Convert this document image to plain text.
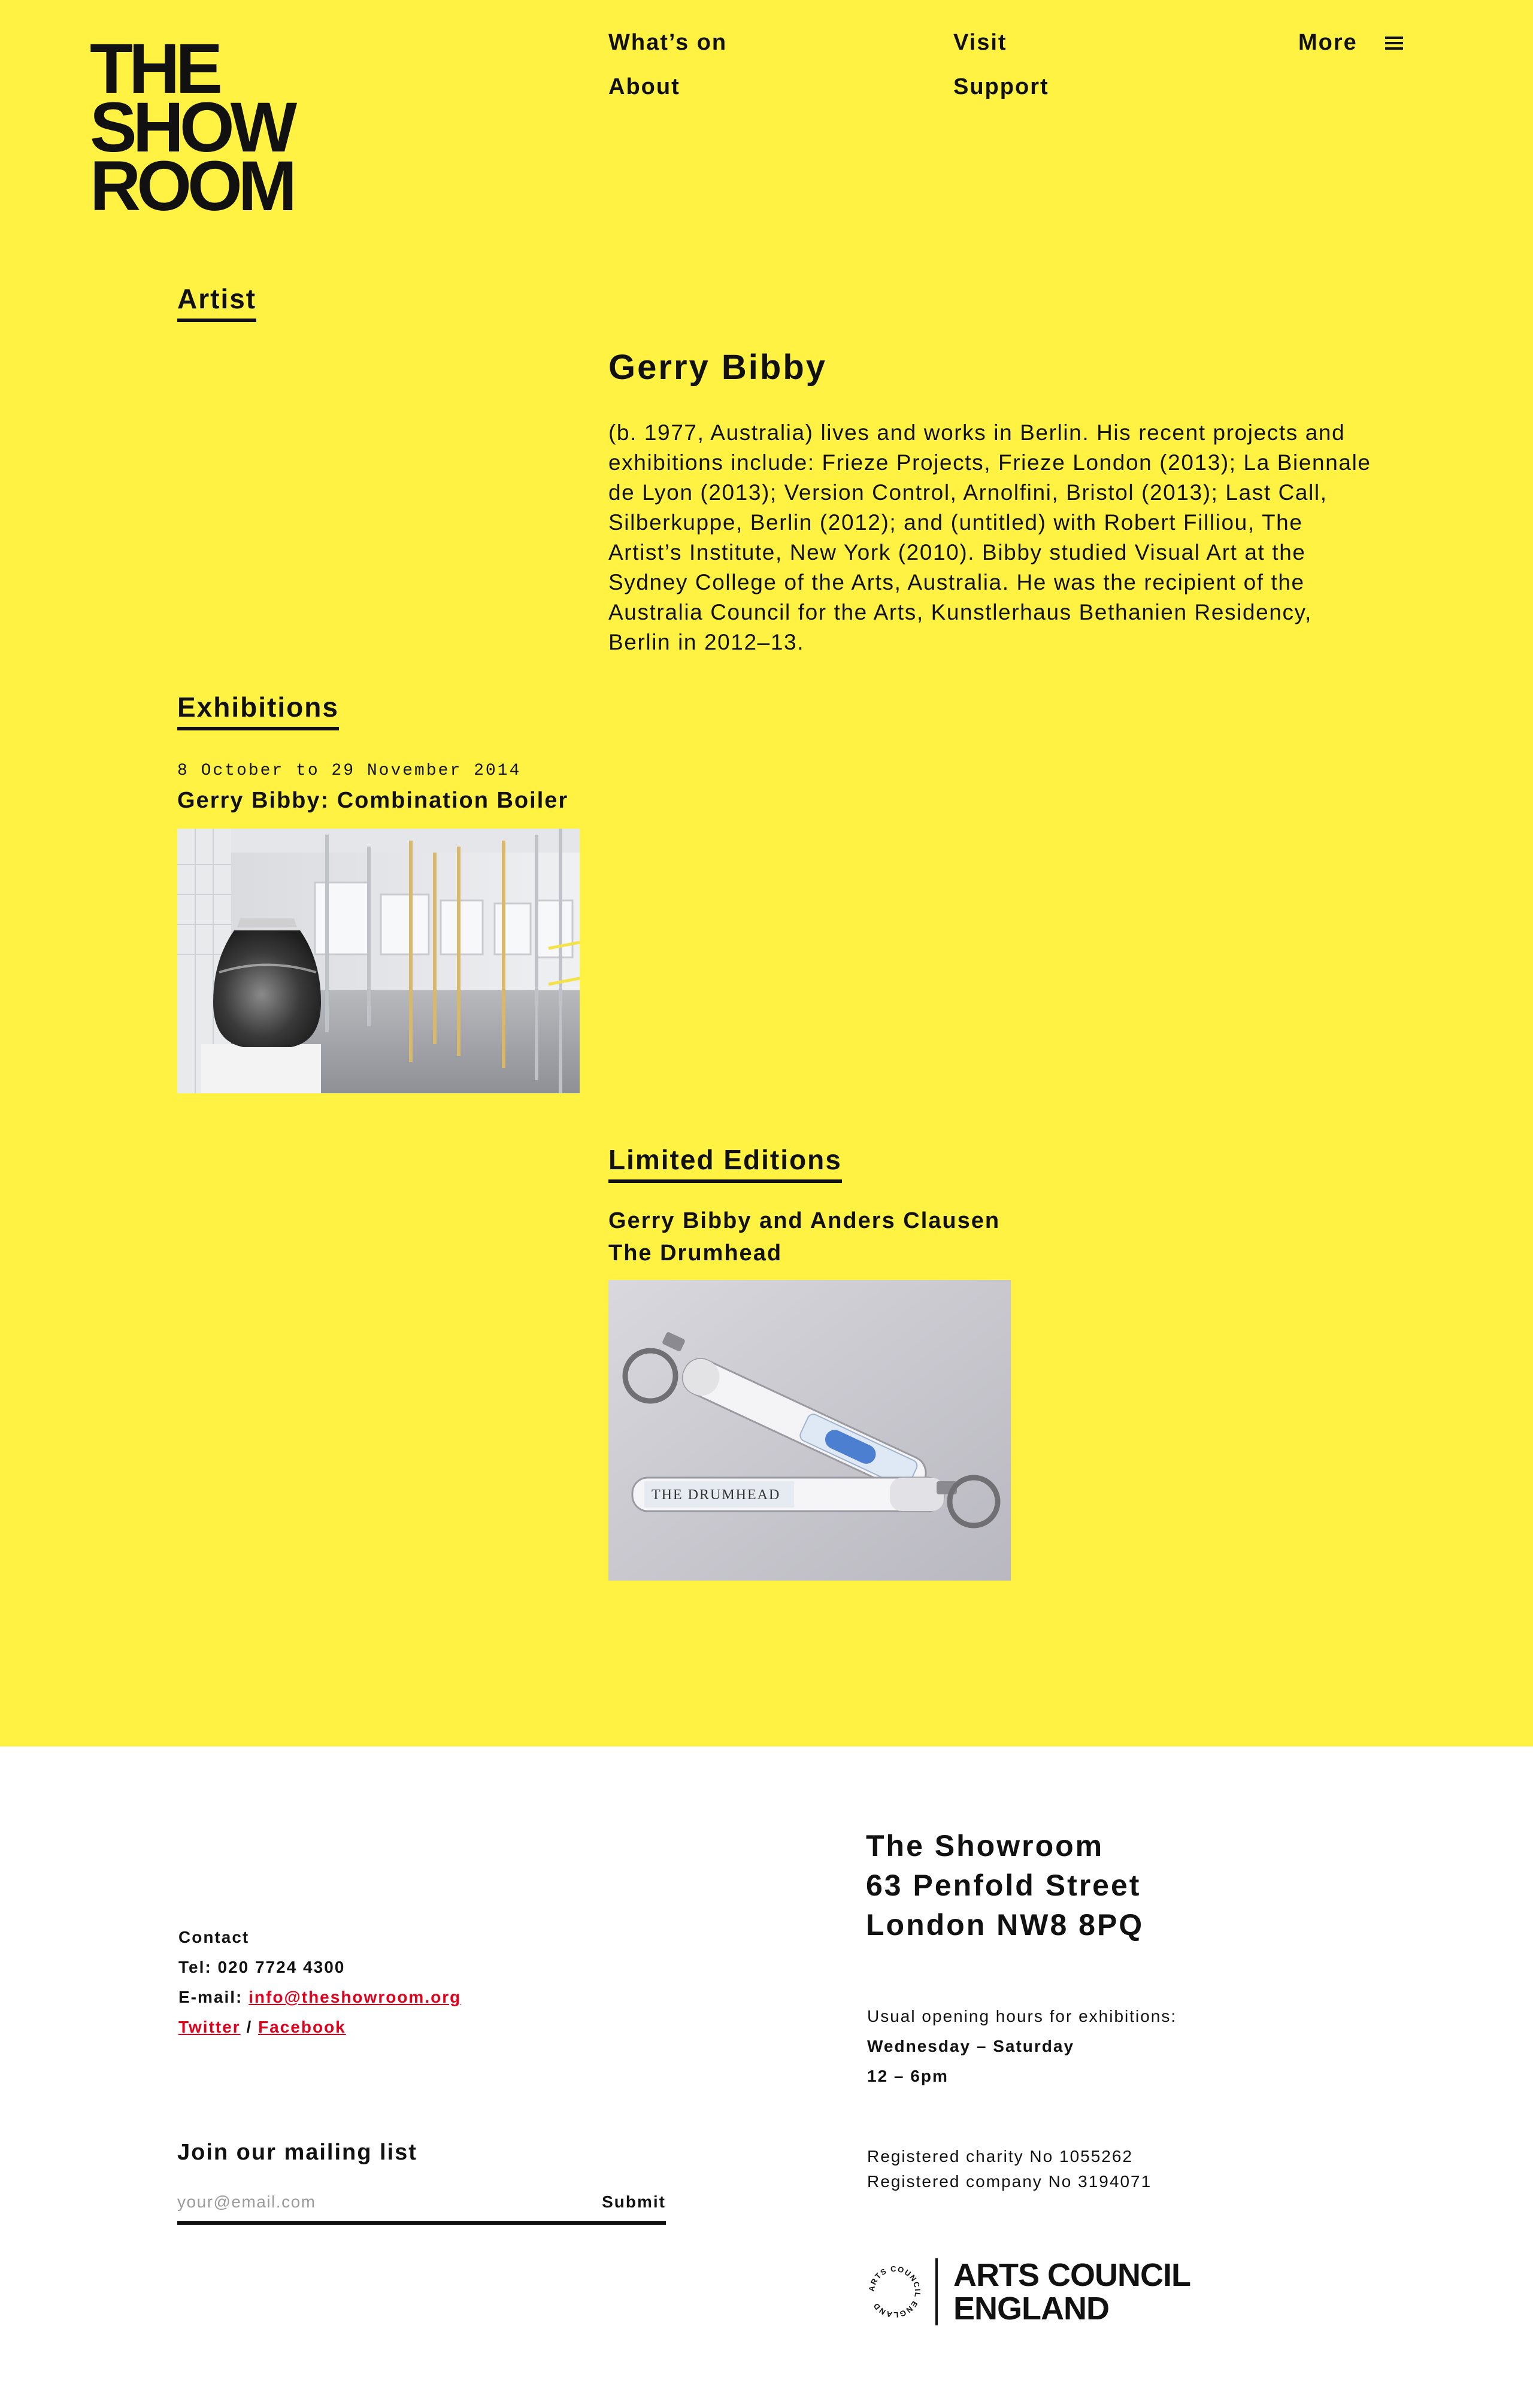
THE
SHOW
ROOM
What’s on
About
Visit
Support
More
Artist
Gerry Bibby

(b. 1977, Australia) lives and works in Berlin. His recent projects and exhibitions include: Frieze Projects, Frieze London (2013); La Biennale de Lyon (2013); Version Control, Arnolfini, Bristol (2013); Last Call, Silberkuppe, Berlin (2012); and (untitled) with Robert Filliou, The Artist’s Institute, New York (2010). Bibby studied Visual Art at the Sydney College of the Arts, Australia. He was the recipient of the Australia Council for the Arts, Kunstlerhaus Bethanien Residency, Berlin in 2012–13.

Exhibitions
8 October to 29 November 2014
Gerry Bibby: Combination Boiler
Limited Editions
Gerry Bibby and Anders Clausen
The Drumhead
THE DRUMHEAD
The Showroom
63 Penfold Street
London NW8 8PQ
Contact
Tel: 020 7724 4300
E-mail: info@theshowroom.org
Twitter / Facebook
Usual opening hours for exhibitions:
Wednesday – Saturday
12 – 6pm
Registered charity No 1055262
Registered company No 3194071
Join our mailing list
your@email.com
Submit
ARTS COUNCIL ENGLAND
ARTS COUNCIL
ENGLAND
